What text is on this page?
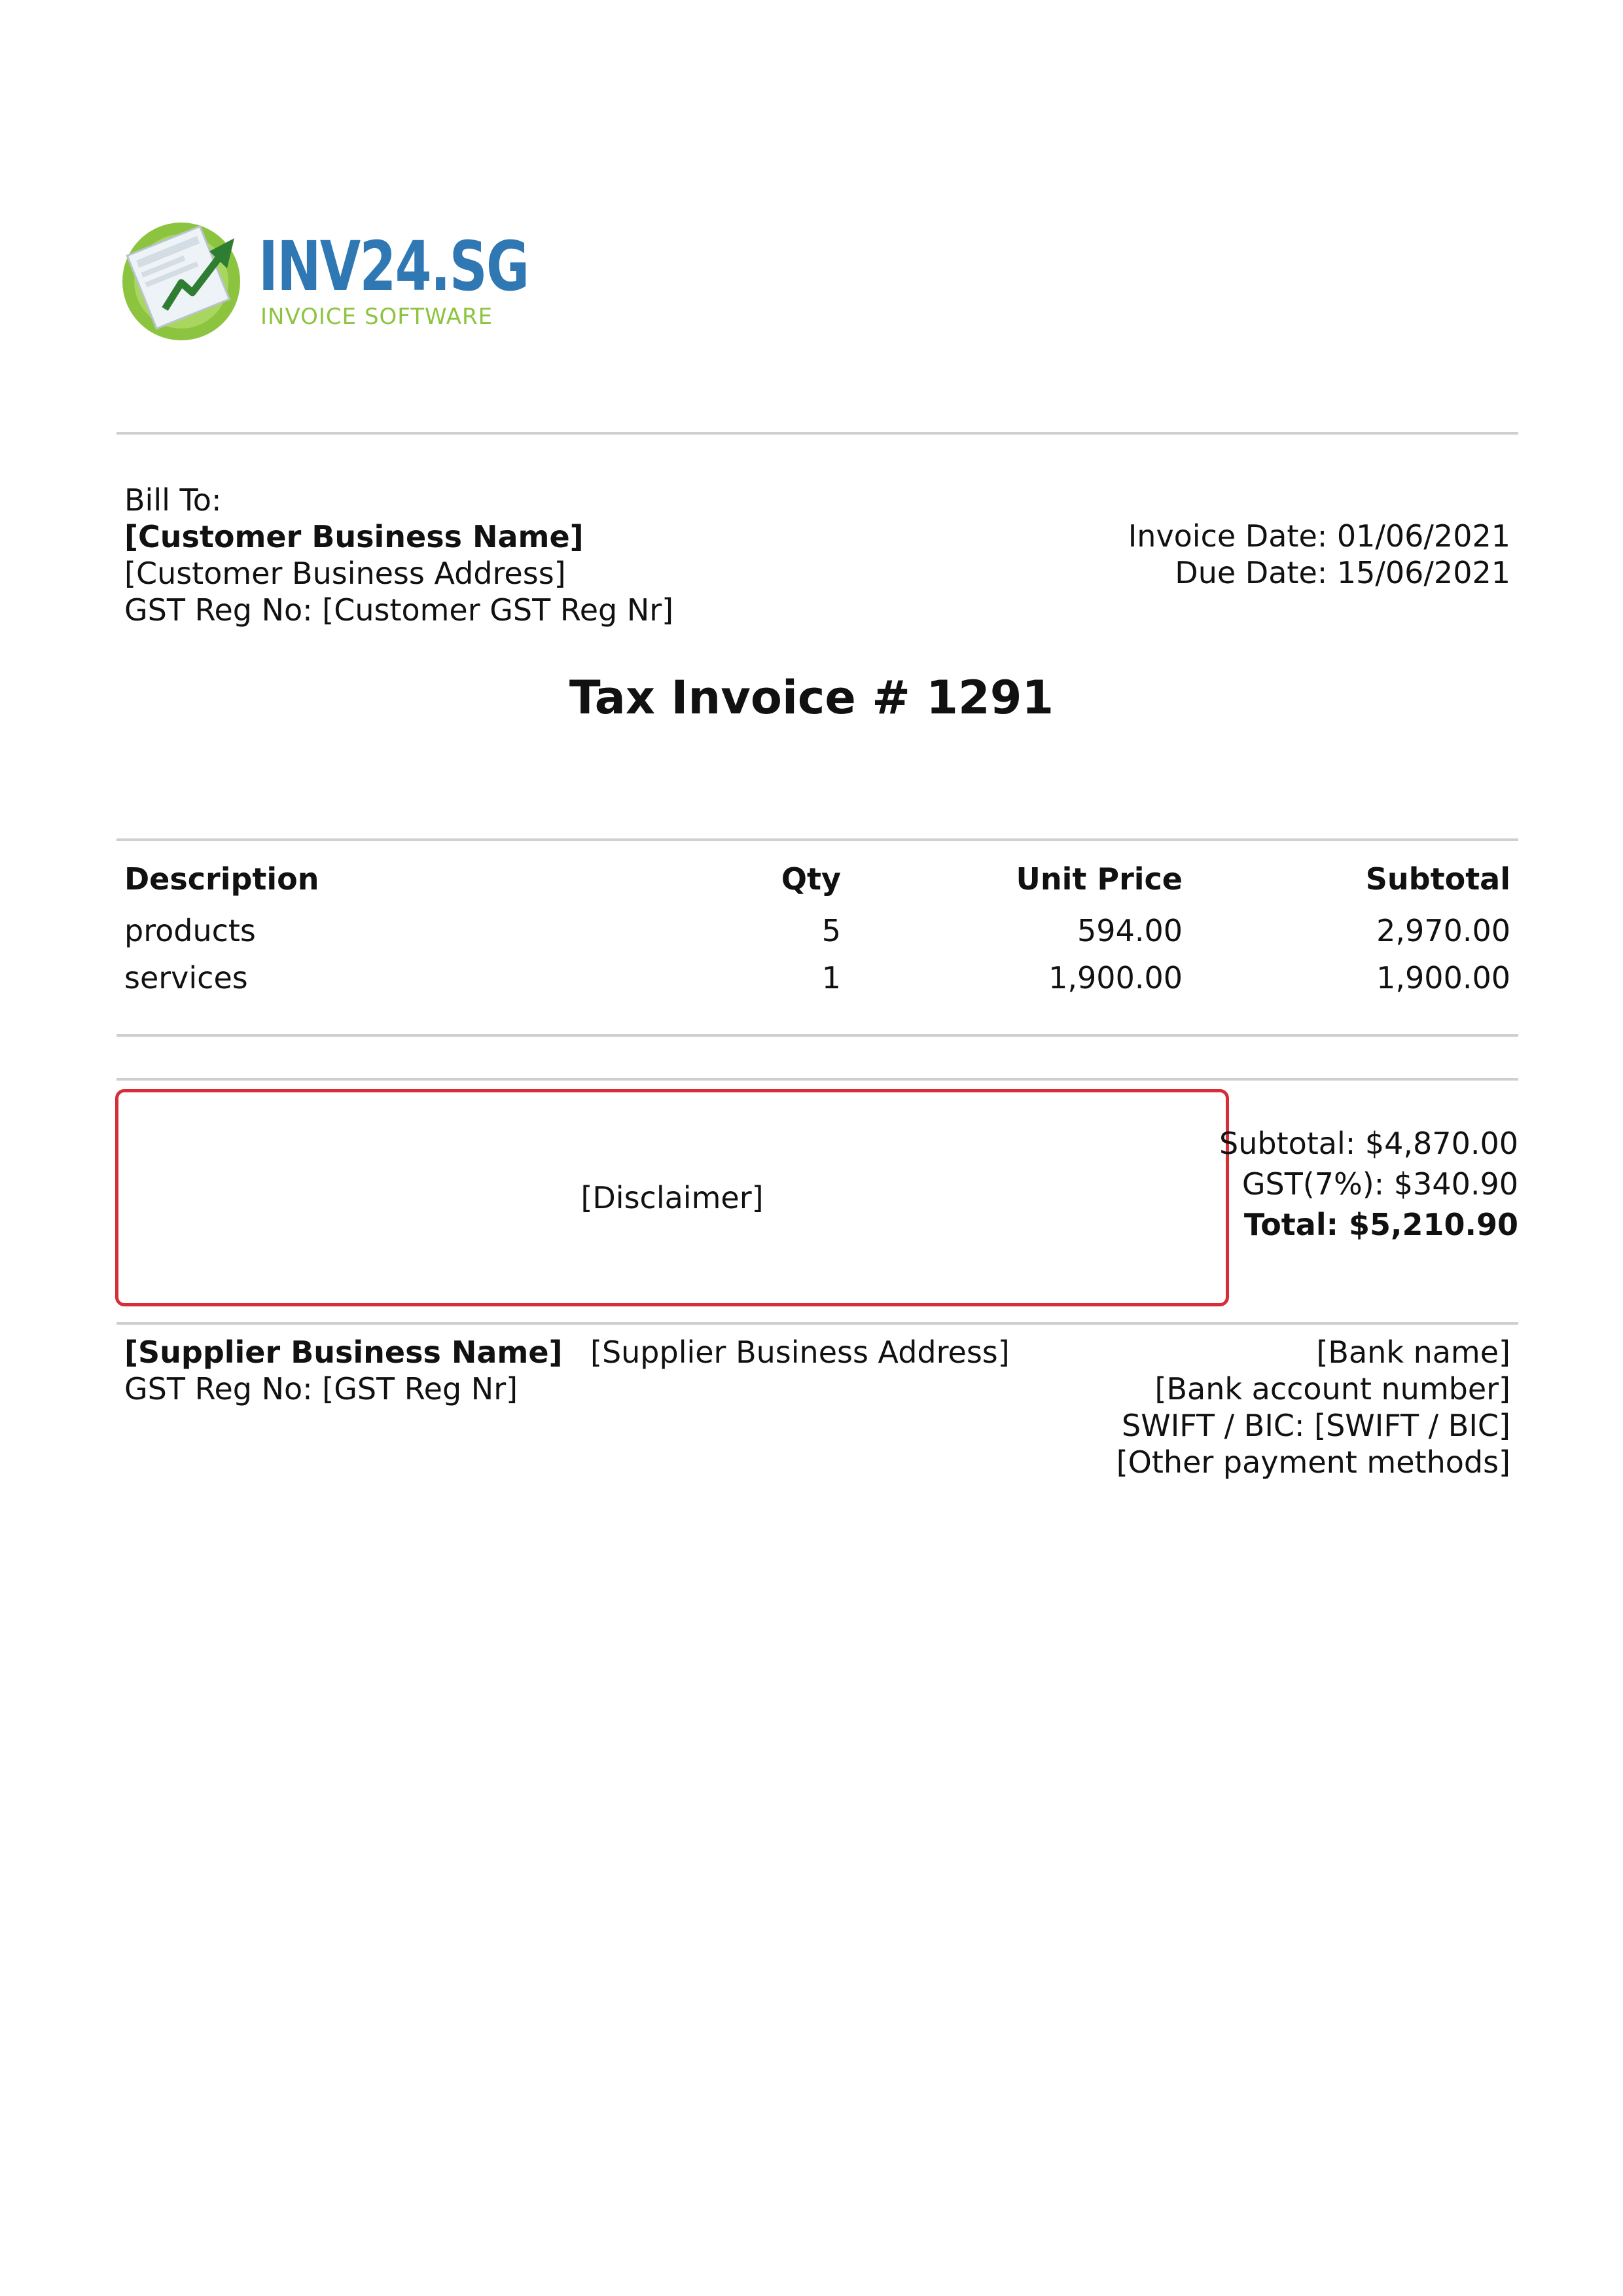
INV24.SG
INVOICE SOFTWARE
Bill To:
[Customer Business Name]
[Customer Business Address]
GST Reg No: [Customer GST Reg Nr]
Invoice Date: 01/06/2021
Due Date: 15/06/2021
Tax Invoice # 1291
Description	Qty	Unit Price	Subtotal
products	5	594.00	2,970.00
services	1	1,900.00	1,900.00
[Disclaimer]
Subtotal: $4,870.00
GST(7%): $340.90
Total: $5,210.90
[Supplier Business Name]
GST Reg No: [GST Reg Nr]
[Supplier Business Address]	[Bank name]
[Bank account number]
SWIFT / BIC: [SWIFT / BIC]
[Other payment methods]
